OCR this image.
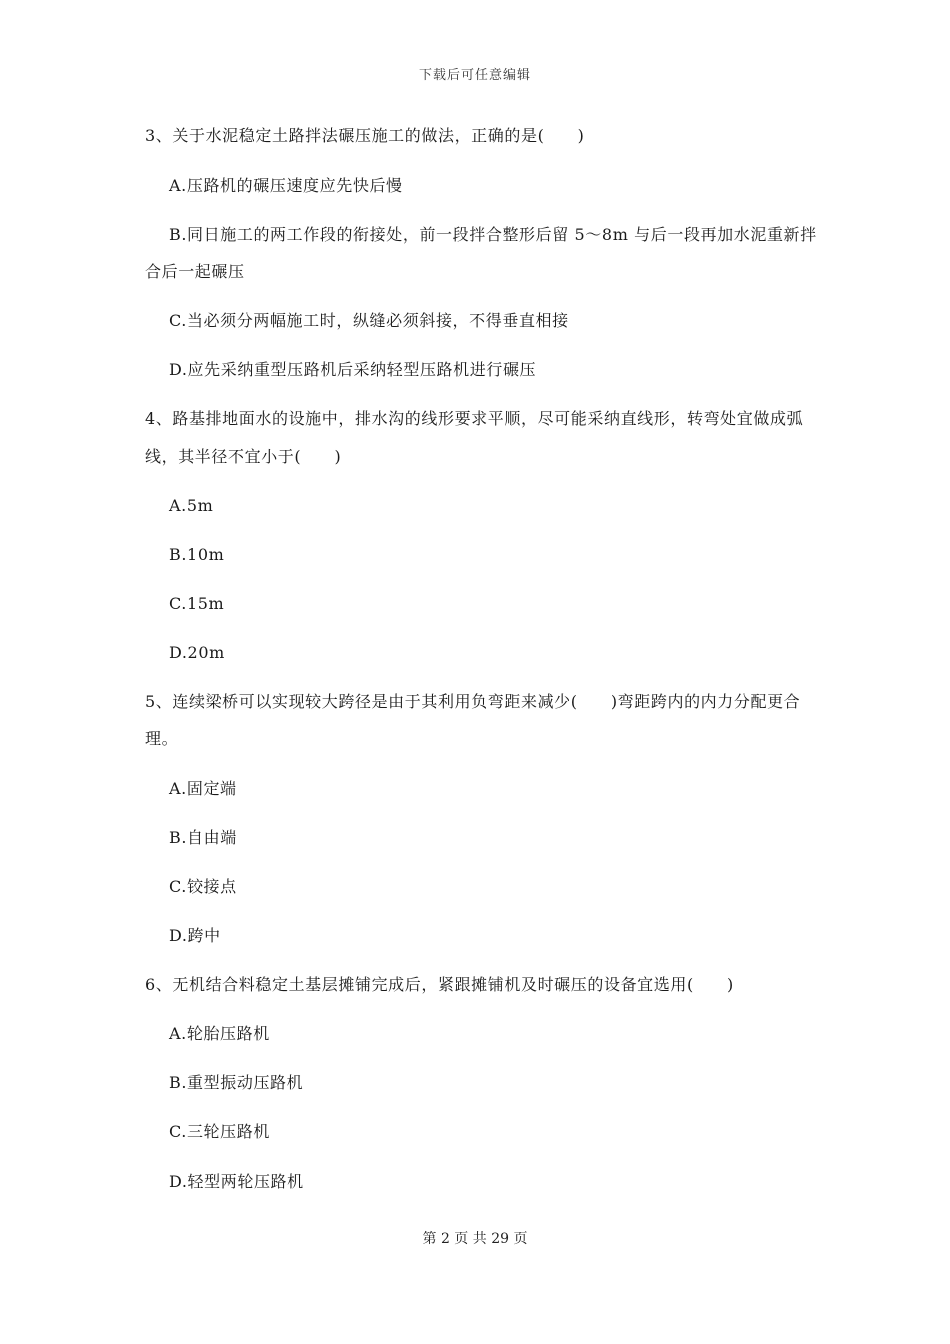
下载后可任意编辑
3、关于水泥稳定土路拌法碾压施工的做法，正确的是(　　)
A.压路机的碾压速度应先快后慢
B.同日施工的两工作段的衔接处，前一段拌合整形后留 5～8m 与后一段再加水泥重新拌
合后一起碾压
C.当必须分两幅施工时，纵缝必须斜接，不得垂直相接
D.应先采纳重型压路机后采纳轻型压路机进行碾压
4、路基排地面水的设施中，排水沟的线形要求平顺，尽可能采纳直线形，转弯处宜做成弧
线，其半径不宜小于(　　)
A.5m
B.10m
C.15m
D.20m
5、连续梁桥可以实现较大跨径是由于其利用负弯距来减少(　　)弯距跨内的内力分配更合
理。
A.固定端
B.自由端
C.铰接点
D.跨中
6、无机结合料稳定土基层摊铺完成后，紧跟摊铺机及时碾压的设备宜选用(　　)
A.轮胎压路机
B.重型振动压路机
C.三轮压路机
D.轻型两轮压路机
第 2 页 共 29 页
